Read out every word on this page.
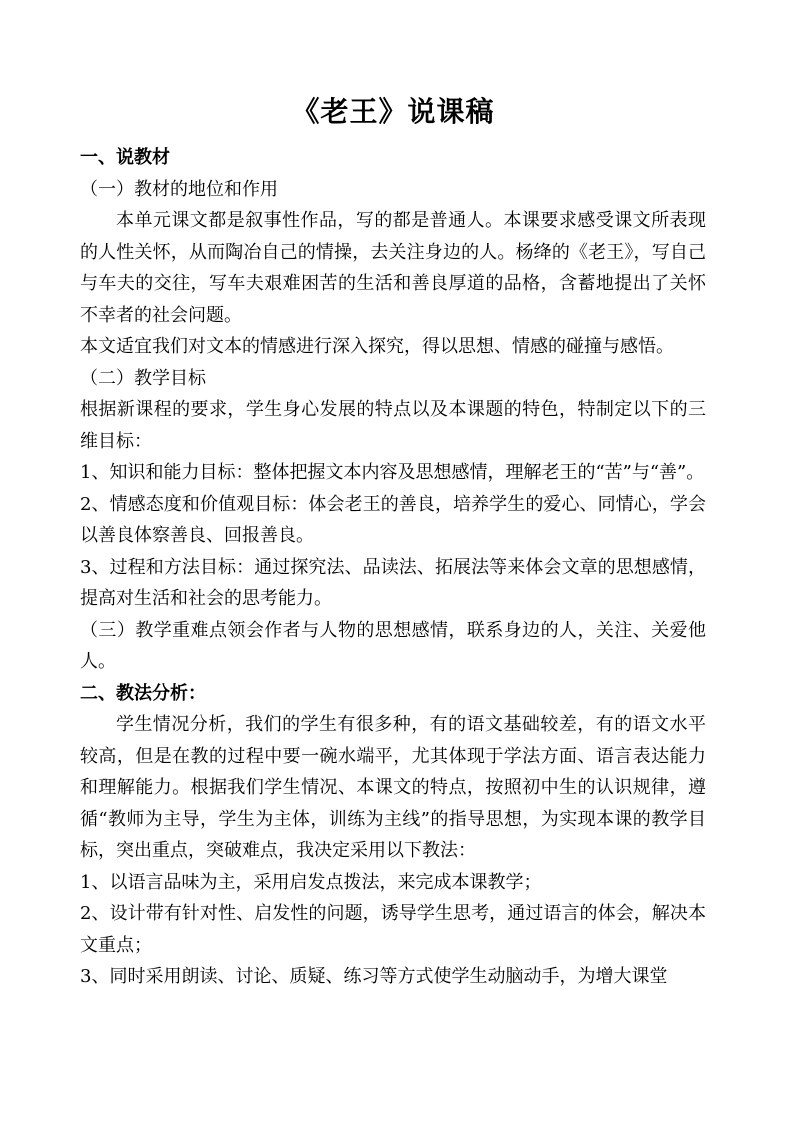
《老王》说课稿
一、说教材
（一）教材的地位和作用

本单元课文都是叙事性作品，写的都是普通人。本课要求感受课文所表现的人性关怀，从而陶冶自己的情操，去关注身边的人。杨绛的《老王》，写自己与车夫的交往，写车夫艰难困苦的生活和善良厚道的品格，含蓄地提出了关怀不幸者的社会问题。

本文适宜我们对文本的情感进行深入探究，得以思想、情感的碰撞与感悟。

（二）教学目标

根据新课程的要求，学生身心发展的特点以及本课题的特色，特制定以下的三维目标：

1、知识和能力目标：整体把握文本内容及思想感情，理解老王的“苦”与“善”。

2、情感态度和价值观目标：体会老王的善良，培养学生的爱心、同情心，学会以善良体察善良、回报善良。

3、过程和方法目标：通过探究法、品读法、拓展法等来体会文章的思想感情，提高对生活和社会的思考能力。

（三）教学重难点领会作者与人物的思想感情，联系身边的人，关注、关爱他人。

二、教法分析：

学生情况分析，我们的学生有很多种，有的语文基础较差，有的语文水平较高，但是在教的过程中要一碗水端平，尤其体现于学法方面、语言表达能力和理解能力。根据我们学生情况、本课文的特点，按照初中生的认识规律，遵循“教师为主导，学生为主体，训练为主线”的指导思想，为实现本课的教学目标，突出重点，突破难点，我决定采用以下教法：

1、以语言品味为主，采用启发点拨法，来完成本课教学；

2、设计带有针对性、启发性的问题，诱导学生思考，通过语言的体会，解决本文重点；

3、同时采用朗读、讨论、质疑、练习等方式使学生动脑动手，为增大课堂
